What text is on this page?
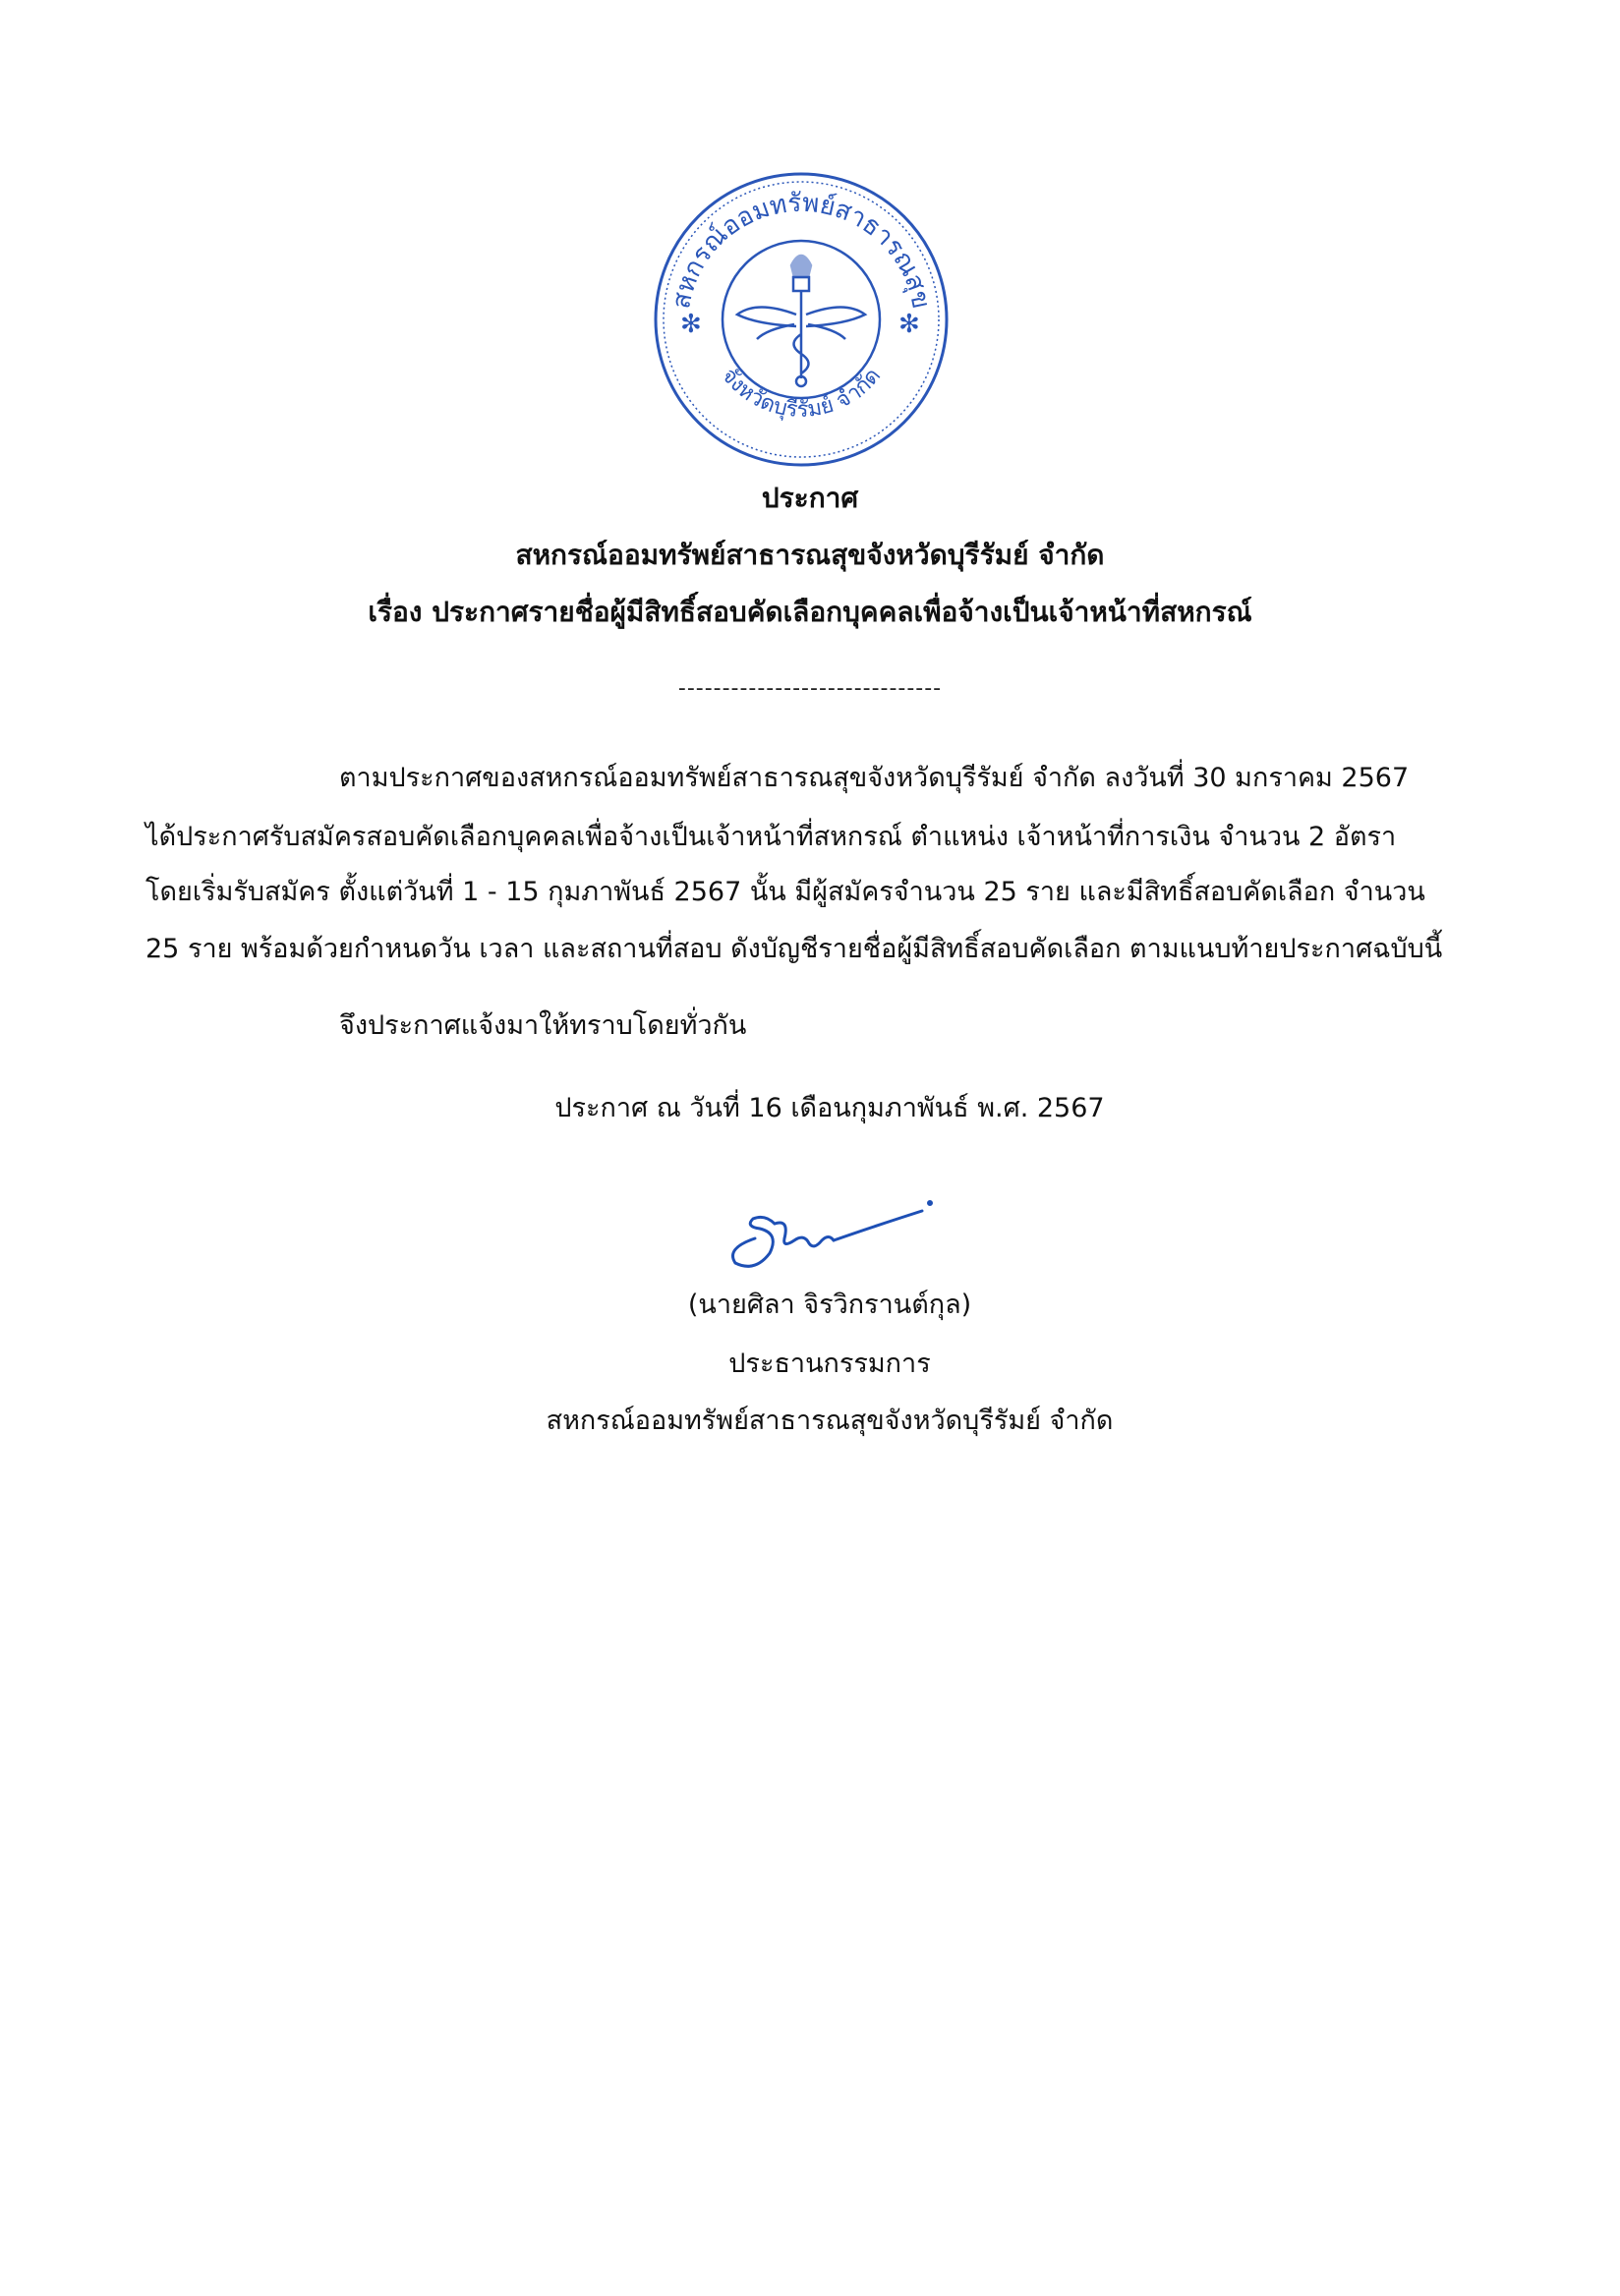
สหกรณ์ออมทรัพย์สาธารณสุข
จังหวัดบุรีรัมย์ จำกัด
✻	✻
ประกาศ
สหกรณ์ออมทรัพย์สาธารณสุขจังหวัดบุรีรัมย์ จำกัด
เรื่อง ประกาศรายชื่อผู้มีสิทธิ์สอบคัดเลือกบุคคลเพื่อจ้างเป็นเจ้าหน้าที่สหกรณ์
------------------------------
ตามประกาศของสหกรณ์ออมทรัพย์สาธารณสุขจังหวัดบุรีรัมย์ จำกัด ลงวันที่ 30 มกราคม 2567
ได้ประกาศรับสมัครสอบคัดเลือกบุคคลเพื่อจ้างเป็นเจ้าหน้าที่สหกรณ์ ตำแหน่ง เจ้าหน้าที่การเงิน จำนวน 2 อัตรา
โดยเริ่มรับสมัคร ตั้งแต่วันที่ 1 - 15 กุมภาพันธ์ 2567 นั้น มีผู้สมัครจำนวน 25 ราย และมีสิทธิ์สอบคัดเลือก จำนวน
25 ราย พร้อมด้วยกำหนดวัน เวลา และสถานที่สอบ ดังบัญชีรายชื่อผู้มีสิทธิ์สอบคัดเลือก ตามแนบท้ายประกาศฉบับนี้
จึงประกาศแจ้งมาให้ทราบโดยทั่วกัน
ประกาศ ณ วันที่ 16 เดือนกุมภาพันธ์ พ.ศ. 2567
(นายศิลา จิรวิกรานต์กุล)
ประธานกรรมการ
สหกรณ์ออมทรัพย์สาธารณสุขจังหวัดบุรีรัมย์ จำกัด
